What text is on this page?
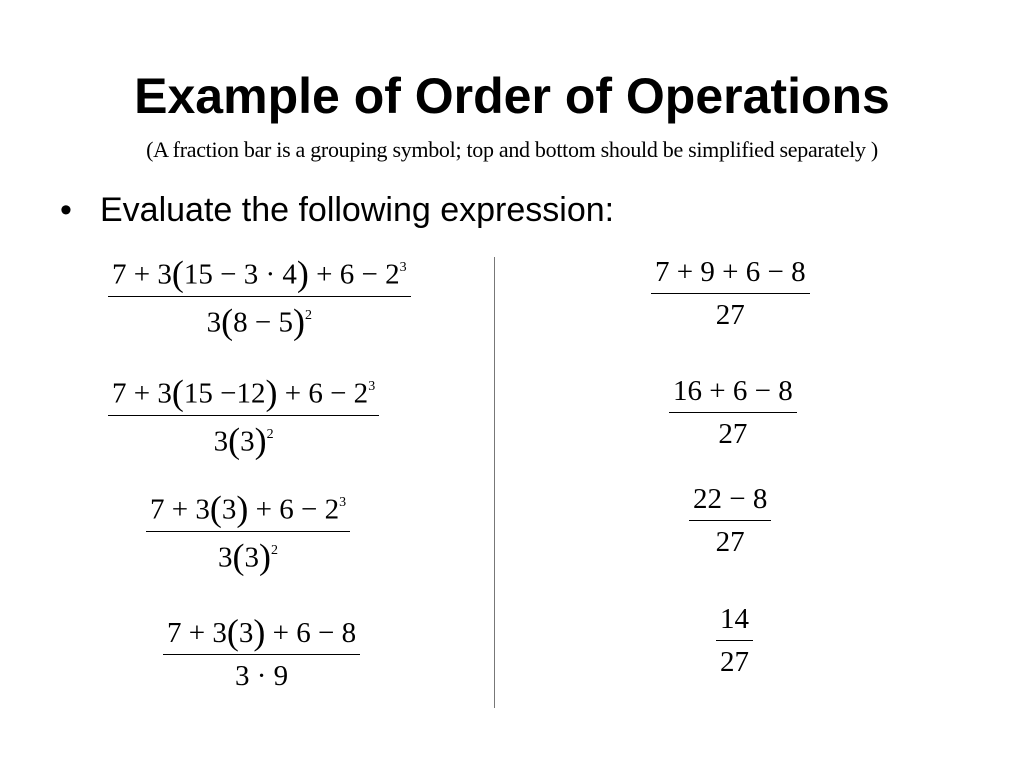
Example of Order of Operations
(A fraction bar is a grouping symbol; top and bottom should be simplified separately )
• Evaluate the following expression:
$7 + 3(15 - 3 \cdot 4) + 6 - 2^3$
$3(8 - 5)^2$
$7 + 3(15 -12) + 6 - 2^3$
$3(3)^2$
$7 + 3(3) + 6 - 2^3$
$3(3)^2$
7 + 3(3) + 6 − 8
3 · 9
7 + 9 + 6 − 8
27
16 + 6 − 8
27
22 − 8
27
14
27
